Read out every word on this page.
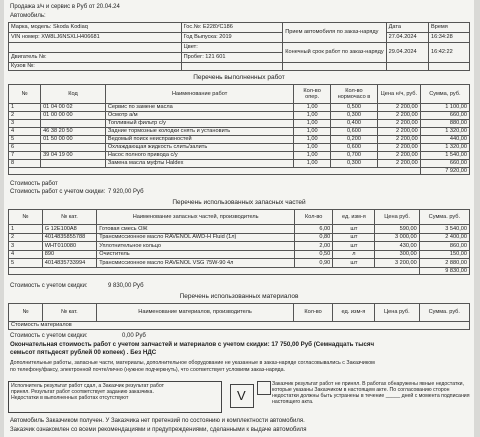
Продажа з/ч и сервис в Руб от 20.04.24
Автомобиль:
Марка, модель: Skoda Kodiaq	Гос.№: Е228УС186	Прием автомобиля по заказ-наряду	Дата	Время
VIN номер: XW8LJ6NSXLH406681	Год Выпуска: 2019		27.04.2024	16:34:28
	Цвет:	Конечный срок работ по заказ-наряду	29.04.2024	16:42:22
Двигатель №:	Пробег: 121 601			
Кузов №:				
Перечень выполненных работ
№	Код	Наименование работ	Кол-во опер.	Кол-во нормочасо в	Цена н/ч, руб.	Сумма, руб.
1	01 04 00 02	Сервис по замене масла	1,00	0,500	2 200,00	1 100,00
2	01 00 00 00	Осмотр а/м	1,00	0,300	2 200,00	660,00
3		Топливный фильтр с/у	1,00	0,400	2 200,00	880,00
4	46 38 20 50	Задние тормозные колодки снять и установить	1,00	0,600	2 200,00	1 320,00
5	01 50 00 00	Ведомый поиск неисправностей	1,00	0,200	2 200,00	440,00
6		Охлаждающая жидкость слить/залить	1,00	0,600	2 200,00	1 320,00
7	39 04 19 00	Насос полного привода с/у	1,00	0,700	2 200,00	1 540,00
8		Замена масла муфты Haldex	1,00	0,300	2 200,00	660,00
						7 920,00
Стоимость работ
Стоимость работ с учетом скидки: 7 920,00 Руб
Перечень использованных запасных частей
№	№ кат.	Наименование запасных частей, производитель	Кол-во	ед. изм-я	Цена руб.	Сумма. руб.
1	G 12E100A8	Готовая смесь ОЖ	6,00	шт	590,00	3 540,00
2	4014835855788	Трансмиссионное масло RAVENOL AWD-H Fluid (1л)	0,80	шт	3 000,00	2 400,00
3	WHT010080	Уплотнительное кольцо	2,00	шт	430,00	860,00
4	890	Очиститель	0,50	л	300,00	150,00
5	4014835733994	Трансмиссионное масло RAVENOL VSG 75W-90 4л	0,90	шт	3 200,00	2 880,00
						9 830,00
Стоимость с учетом скидки:	9 830,00 Руб
Перечень использованных материалов
№	№ кат.	Наименование материалов, производитель	Кол-во	ед. изм-я	Цена руб.	Сумма. руб.
Стоимость материалов
Стоимость с учетом скидки:	0,00 Руб
Окончательная стоимость работ с учетом запчастей и материалов с учетом скидки: 17 750,00 Руб (Семнадцать тысяч
семьсот пятьдесят рублей 00 копеек) . Без НДС
Дополнительные работы, запасные части, материалы, дополнительное оборудование не указанные в заказ-наряде согласовывались с Заказчиком
по телефону/факсу, электронной почте/лично (нужное подчеркнуть), что соответствует условиям заказ-наряда.
Исполнитель результат работ сдал, а Заказчик результат работ
принял. Результат работ соответствует заданию заказчика.
Недостатки в выполненных работах отсутствуют	V
Заказчик результат работ не принял. В работах обнаружены явные недостатки,
которые указаны Заказчиком в настоящем акте. По согласованию сторон
недостатки должны быть устранены в течение _____ дней с момента подписания
настоящего акта.
Автомобиль Заказчиком получен. У Заказчика нет претензий по состоянию и комплектности автомобиля.
Заказчик ознакомлен со всеми рекомендациями и предупреждениями, сделанными к выдаче автомобиля
